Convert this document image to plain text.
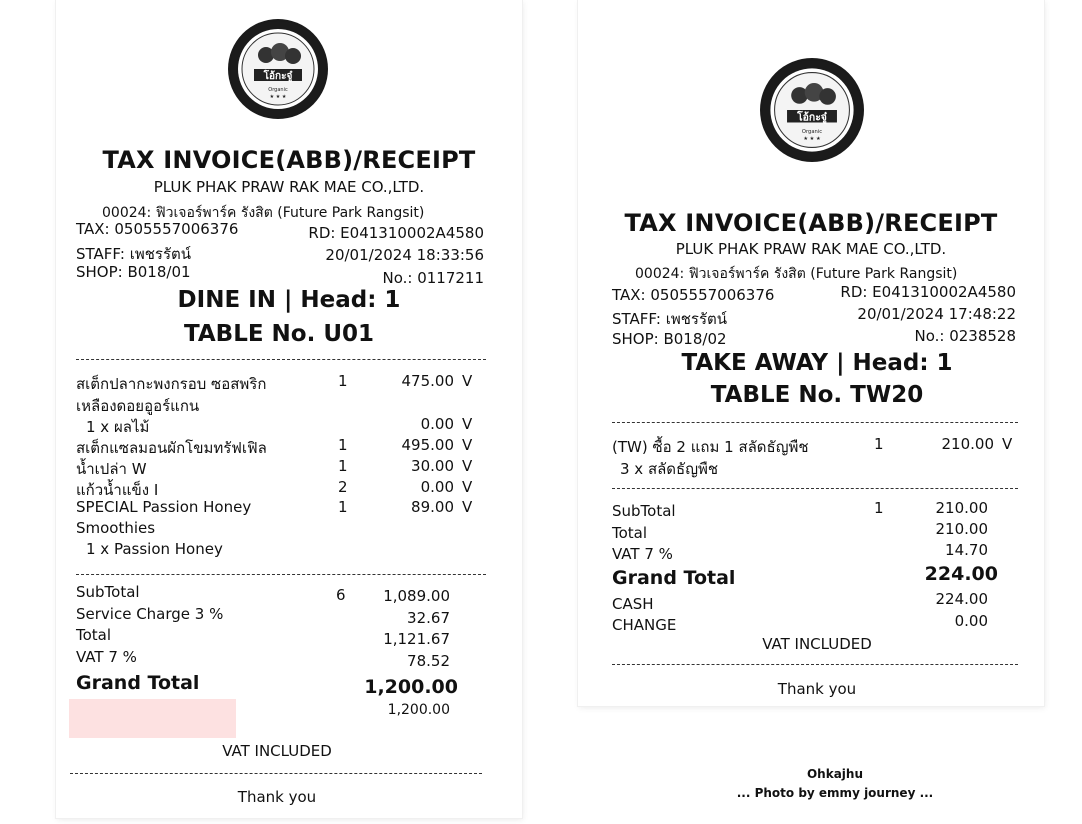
โอ้กะจู๋
Organic
★ ★ ★
TAX INVOICE(ABB)/RECEIPT
PLUK PHAK PRAW RAK MAE CO.,LTD.
00024: ฟิวเจอร์พาร์ค รังสิต (Future Park Rangsit)
TAX: 0505557006376	RD: E041310002A4580
STAFF: เพชรรัตน์	20/01/2024 18:33:56
SHOP: B018/01	No.: 0117211
DINE IN | Head: 1
TABLE No. U01
สเต็กปลากะพงกรอบ ซอสพริก	1	475.00 V
เหลืองดอยอูอร์แกน
1 x ผลไม้	0.00 V
สเต็กแซลมอนผักโขมทรัฟเฟิล	1	495.00 V
น้ำเปล่า W	1	30.00 V
แก้วน้ำแข็ง I	2	0.00 V
SPECIAL Passion Honey	1	89.00 V
Smoothies
1 x Passion Honey
SubTotal	6	1,089.00
Service Charge 3 %	32.67
Total	1,121.67
VAT 7 %	78.52
Grand Total	1,200.00
1,200.00
VAT INCLUDED
Thank you
โอ้กะจู๋
Organic
★ ★ ★
TAX INVOICE(ABB)/RECEIPT
PLUK PHAK PRAW RAK MAE CO.,LTD.
00024: ฟิวเจอร์พาร์ค รังสิต (Future Park Rangsit)
TAX: 0505557006376	RD: E041310002A4580
STAFF: เพชรรัตน์	20/01/2024 17:48:22
SHOP: B018/02	No.: 0238528
TAKE AWAY | Head: 1
TABLE No. TW20
(TW) ซื้อ 2 แถม 1 สลัดธัญพืช	1	210.00 V
3 x สลัดธัญพืช
SubTotal	1	210.00
Total	210.00
VAT 7 %	14.70
Grand Total	224.00
CASH	224.00
CHANGE	0.00
VAT INCLUDED
Thank you
Ohkajhu
... Photo by emmy journey ...
